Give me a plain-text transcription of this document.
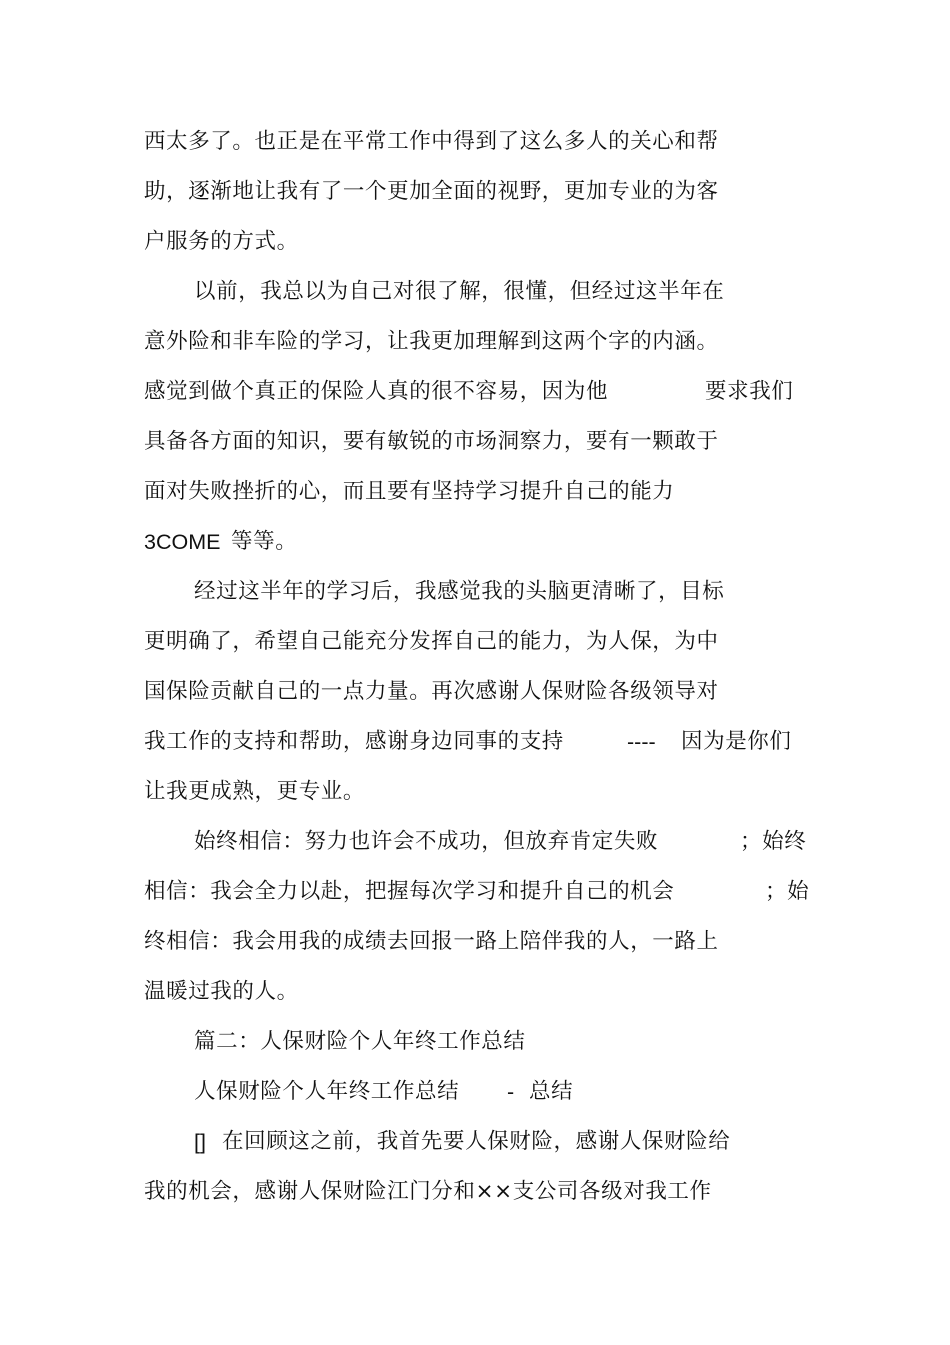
西太多了。也正是在平常工作中得到了这么多人的关心和帮
助，逐渐地让我有了一个更加全面的视野，更加专业的为客
户服务的方式。
以前，我总以为自己对很了解，很懂，但经过这半年在
意外险和非车险的学习，让我更加理解到这两个字的内涵。
感觉到做个真正的保险人真的很不容易，因为他	要求我们
具备各方面的知识，要有敏锐的市场洞察力，要有一颗敢于
面对失败挫折的心，而且要有坚持学习提升自己的能力
3COME 等等。
经过这半年的学习后，我感觉我的头脑更清晰了，目标
更明确了，希望自己能充分发挥自己的能力，为人保，为中
国保险贡献自己的一点力量。再次感谢人保财险各级领导对
我工作的支持和帮助，感谢身边同事的支持	---- 因为是你们
让我更成熟，更专业。
始终相信：努力也许会不成功，但放弃肯定失败	；始终
相信：我会全力以赴，把握每次学习和提升自己的机会	；始
终相信：我会用我的成绩去回报一路上陪伴我的人，一路上
温暖过我的人。
篇二：人保财险个人年终工作总结
人保财险个人年终工作总结 - 总结
[] 在回顾这之前，我首先要人保财险，感谢人保财险给
我的机会，感谢人保财险江门分和××支公司各级对我工作
